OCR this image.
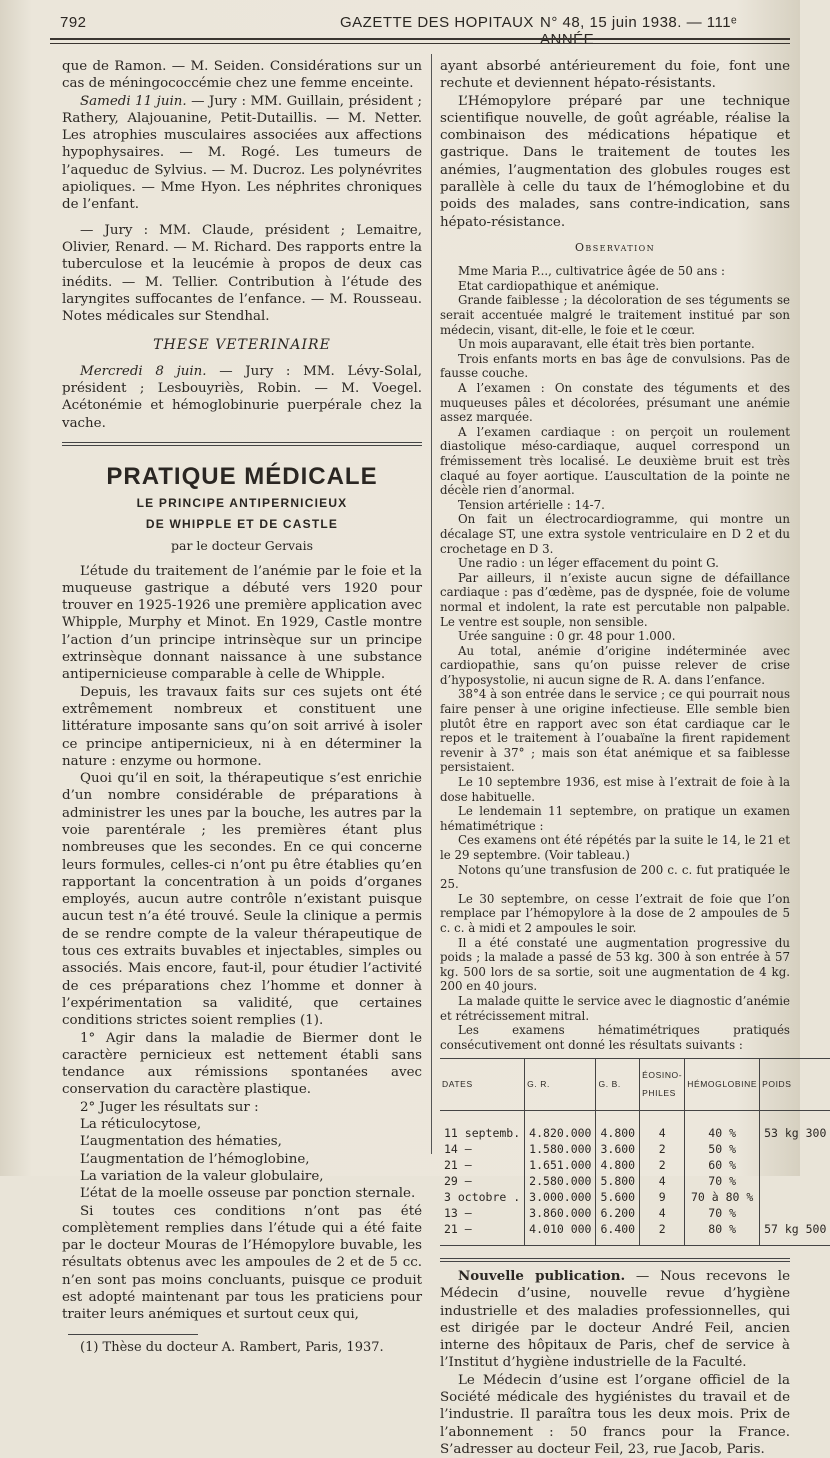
792	GAZETTE DES HOPITAUX N° 48, 15 juin 1938. — 111ᵉ ANNÉE

que de Ramon. — M. Seiden. Considérations sur un cas de méningococcémie chez une femme enceinte.

Samedi 11 juin. — Jury : MM. Guillain, président ; Rathery, Alajouanine, Petit-Dutaillis. — M. Netter. Les atrophies musculaires associées aux affections hypophysaires. — M. Rogé. Les tumeurs de l’aqueduc de Sylvius. — M. Ducroz. Les polynévrites apioliques. — Mme Hyon. Les néphrites chroniques de l’enfant.

— Jury : MM. Claude, président ; Lemaitre, Olivier, Renard. — M. Richard. Des rapports entre la tuberculose et la leucémie à propos de deux cas inédits. — M. Tellier. Contribution à l’étude des laryngites suffocantes de l’enfance. — M. Rousseau. Notes médicales sur Stendhal.

THESE VETERINAIRE

Mercredi 8 juin. — Jury : MM. Lévy-Solal, président ; Lesbouyriès, Robin. — M. Voegel. Acétonémie et hémoglobinurie puerpérale chez la vache.

PRATIQUE MÉDICALE

LE PRINCIPE ANTIPERNICIEUX

DE WHIPPLE ET DE CASTLE

par le docteur Gervais

L’étude du traitement de l’anémie par le foie et la muqueuse gastrique a débuté vers 1920 pour trouver en 1925-1926 une première application avec Whipple, Murphy et Minot. En 1929, Castle montre l’action d’un principe intrinsèque sur un principe extrinsèque donnant naissance à une substance antipernicieuse comparable à celle de Whipple.

Depuis, les travaux faits sur ces sujets ont été extrêmement nombreux et constituent une littérature imposante sans qu’on soit arrivé à isoler ce principe antipernicieux, ni à en déterminer la nature : enzyme ou hormone.

Quoi qu’il en soit, la thérapeutique s’est enrichie d’un nombre considérable de préparations à administrer les unes par la bouche, les autres par la voie parentérale ; les premières étant plus nombreuses que les secondes. En ce qui concerne leurs formules, celles-ci n’ont pu être établies qu’en rapportant la concentration à un poids d’organes employés, aucun autre contrôle n’existant puisque aucun test n’a été trouvé. Seule la clinique a permis de se rendre compte de la valeur thérapeutique de tous ces extraits buvables et injectables, simples ou associés. Mais encore, faut-il, pour étudier l’activité de ces préparations chez l’homme et donner à l’expérimentation sa validité, que certaines conditions strictes soient remplies (1).

1° Agir dans la maladie de Biermer dont le caractère pernicieux est nettement établi sans tendance aux rémissions spontanées avec conservation du caractère plastique.

2° Juger les résultats sur :

La réticulocytose,

L’augmentation des hématies,

L’augmentation de l’hémoglobine,

La variation de la valeur globulaire,

L’état de la moelle osseuse par ponction sternale.

Si toutes ces conditions n’ont pas été complètement remplies dans l’étude qui a été faite par le docteur Mouras de l’Hémopylore buvable, les résultats obtenus avec les ampoules de 2 et de 5 cc. n’en sont pas moins concluants, puisque ce produit est adopté maintenant par tous les praticiens pour traiter leurs anémiques et surtout ceux qui,

(1) Thèse du docteur A. Rambert, Paris, 1937.

ayant absorbé antérieurement du foie, font une rechute et deviennent hépato-résistants.

L’Hémopylore préparé par une technique scientifique nouvelle, de goût agréable, réalise la combinaison des médications hépatique et gastrique. Dans le traitement de toutes les anémies, l’augmentation des globules rouges est parallèle à celle du taux de l’hémoglobine et du poids des malades, sans contre-indication, sans hépato-résistance.

Observation

Mme Maria P..., cultivatrice âgée de 50 ans :

Etat cardiopathique et anémique.

Grande faiblesse ; la décoloration de ses téguments se serait accentuée malgré le traitement institué par son médecin, visant, dit-elle, le foie et le cœur.

Un mois auparavant, elle était très bien portante.

Trois enfants morts en bas âge de convulsions. Pas de fausse couche.

A l’examen : On constate des téguments et des muqueuses pâles et décolorées, présumant une anémie assez marquée.

A l’examen cardiaque : on perçoit un roulement diastolique méso-cardiaque, auquel correspond un frémissement très localisé. Le deuxième bruit est très claqué au foyer aortique. L’auscultation de la pointe ne décèle rien d’anormal.

Tension artérielle : 14-7.

On fait un électrocardiogramme, qui montre un décalage ST, une extra systole ventriculaire en D 2 et du crochetage en D 3.

Une radio : un léger effacement du point G.

Par ailleurs, il n’existe aucun signe de défaillance cardiaque : pas d’œdème, pas de dyspnée, foie de volume normal et indolent, la rate est percutable non palpable. Le ventre est souple, non sensible.

Urée sanguine : 0 gr. 48 pour 1.000.

Au total, anémie d’origine indéterminée avec cardiopathie, sans qu’on puisse relever de crise d’hyposystolie, ni aucun signe de R. A. dans l’enfance.

38°4 à son entrée dans le service ; ce qui pourrait nous faire penser à une origine infectieuse. Elle semble bien plutôt être en rapport avec son état cardiaque car le repos et le traitement à l’ouabaïne la firent rapidement revenir à 37° ; mais son état anémique et sa faiblesse persistaient.

Le 10 septembre 1936, est mise à l’extrait de foie à la dose habituelle.

Le lendemain 11 septembre, on pratique un examen hématimétrique :

Ces examens ont été répétés par la suite le 14, le 21 et le 29 septembre. (Voir tableau.)

Notons qu’une transfusion de 200 c. c. fut pratiquée le 25.

Le 30 septembre, on cesse l’extrait de foie que l’on remplace par l’hémopylore à la dose de 2 ampoules de 5 c. c. à midi et 2 ampoules le soir.

Il a été constaté une augmentation progressive du poids ; la malade a passé de 53 kg. 300 à son entrée à 57 kg. 500 lors de sa sortie, soit une augmentation de 4 kg. 200 en 40 jours.

La malade quitte le service avec le diagnostic d’anémie et rétrécissement mitral.

Les examens hématimétriques pratiqués consécutivement ont donné les résultats suivants :

DATES	G. R.	G. B.	ÉOSINO-PHILES	HÉMOGLOBINE	POIDS
11 septemb.	4.820.000	4.800	4	40 %	53 kg 300
14 —	1.580.000	3.600	2	50 %	
21 —	1.651.000	4.800	2	60 %	
29 —	2.580.000	5.800	4	70 %	
3 octobre .	3.000.000	5.600	9	70 à 80 %	
13 —	3.860.000	6.200	4	70 %	
21 —	4.010 000	6.400	2	80 %	57 kg 500

Nouvelle publication. — Nous recevons le Médecin d’usine, nouvelle revue d’hygiène industrielle et des maladies professionnelles, qui est dirigée par le docteur André Feil, ancien interne des hôpitaux de Paris, chef de service à l’Institut d’hygiène industrielle de la Faculté.

Le Médecin d’usine est l’organe officiel de la Société médicale des hygiénistes du travail et de l’industrie. Il paraîtra tous les deux mois. Prix de l’abonnement : 50 francs pour la France. S’adresser au docteur Feil, 23, rue Jacob, Paris.
